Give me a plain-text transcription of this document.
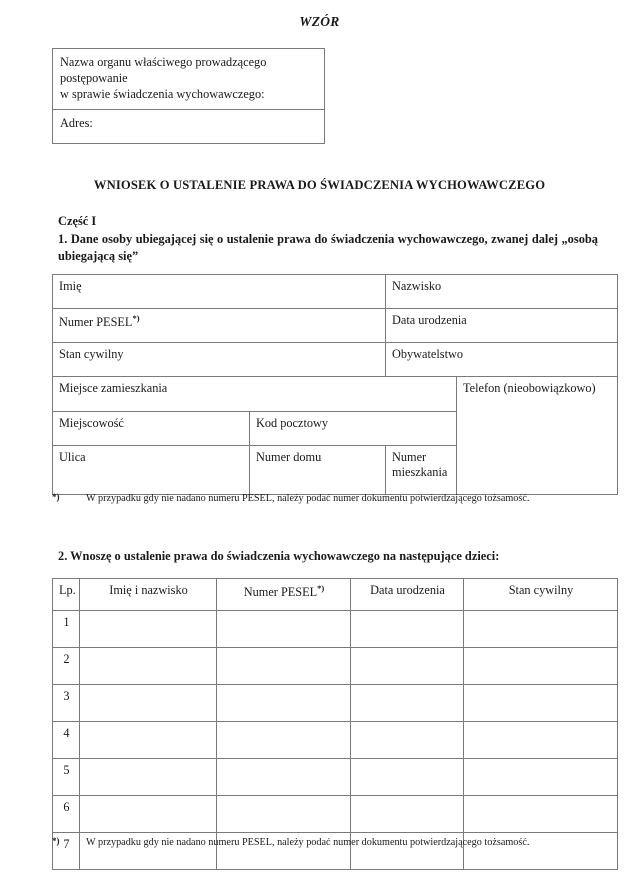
WZÓR
Nazwa organu właściwego prowadzącego
postępowanie
w sprawie świadczenia wychowawczego:
Adres:
WNIOSEK O USTALENIE PRAWA DO ŚWIADCZENIA WYCHOWAWCZEGO
Część I
1. Dane osoby ubiegającej się o ustalenie prawa do świadczenia wychowawczego, zwanej dalej „osobą ubiegającą się”
Imię		Nazwisko	
Numer PESEL*)		Data urodzenia	
Stan cywilny		Obywatelstwo	
Miejsce zamieszkania			Telefon (nieobowiązkowo)
Miejscowość	Kod pocztowy		
Ulica	Numer domu	Numer mieszkania	
*)	W przypadku gdy nie nadano numeru PESEL, należy podać numer dokumentu potwierdzającego tożsamość.
2. Wnoszę o ustalenie prawa do świadczenia wychowawczego na następujące dzieci:
Lp.	Imię i nazwisko	Numer PESEL*)	Data urodzenia	Stan cywilny
1				
2				
3				
4				
5				
6				
7				
*)	W przypadku gdy nie nadano numeru PESEL, należy podać numer dokumentu potwierdzającego tożsamość.
